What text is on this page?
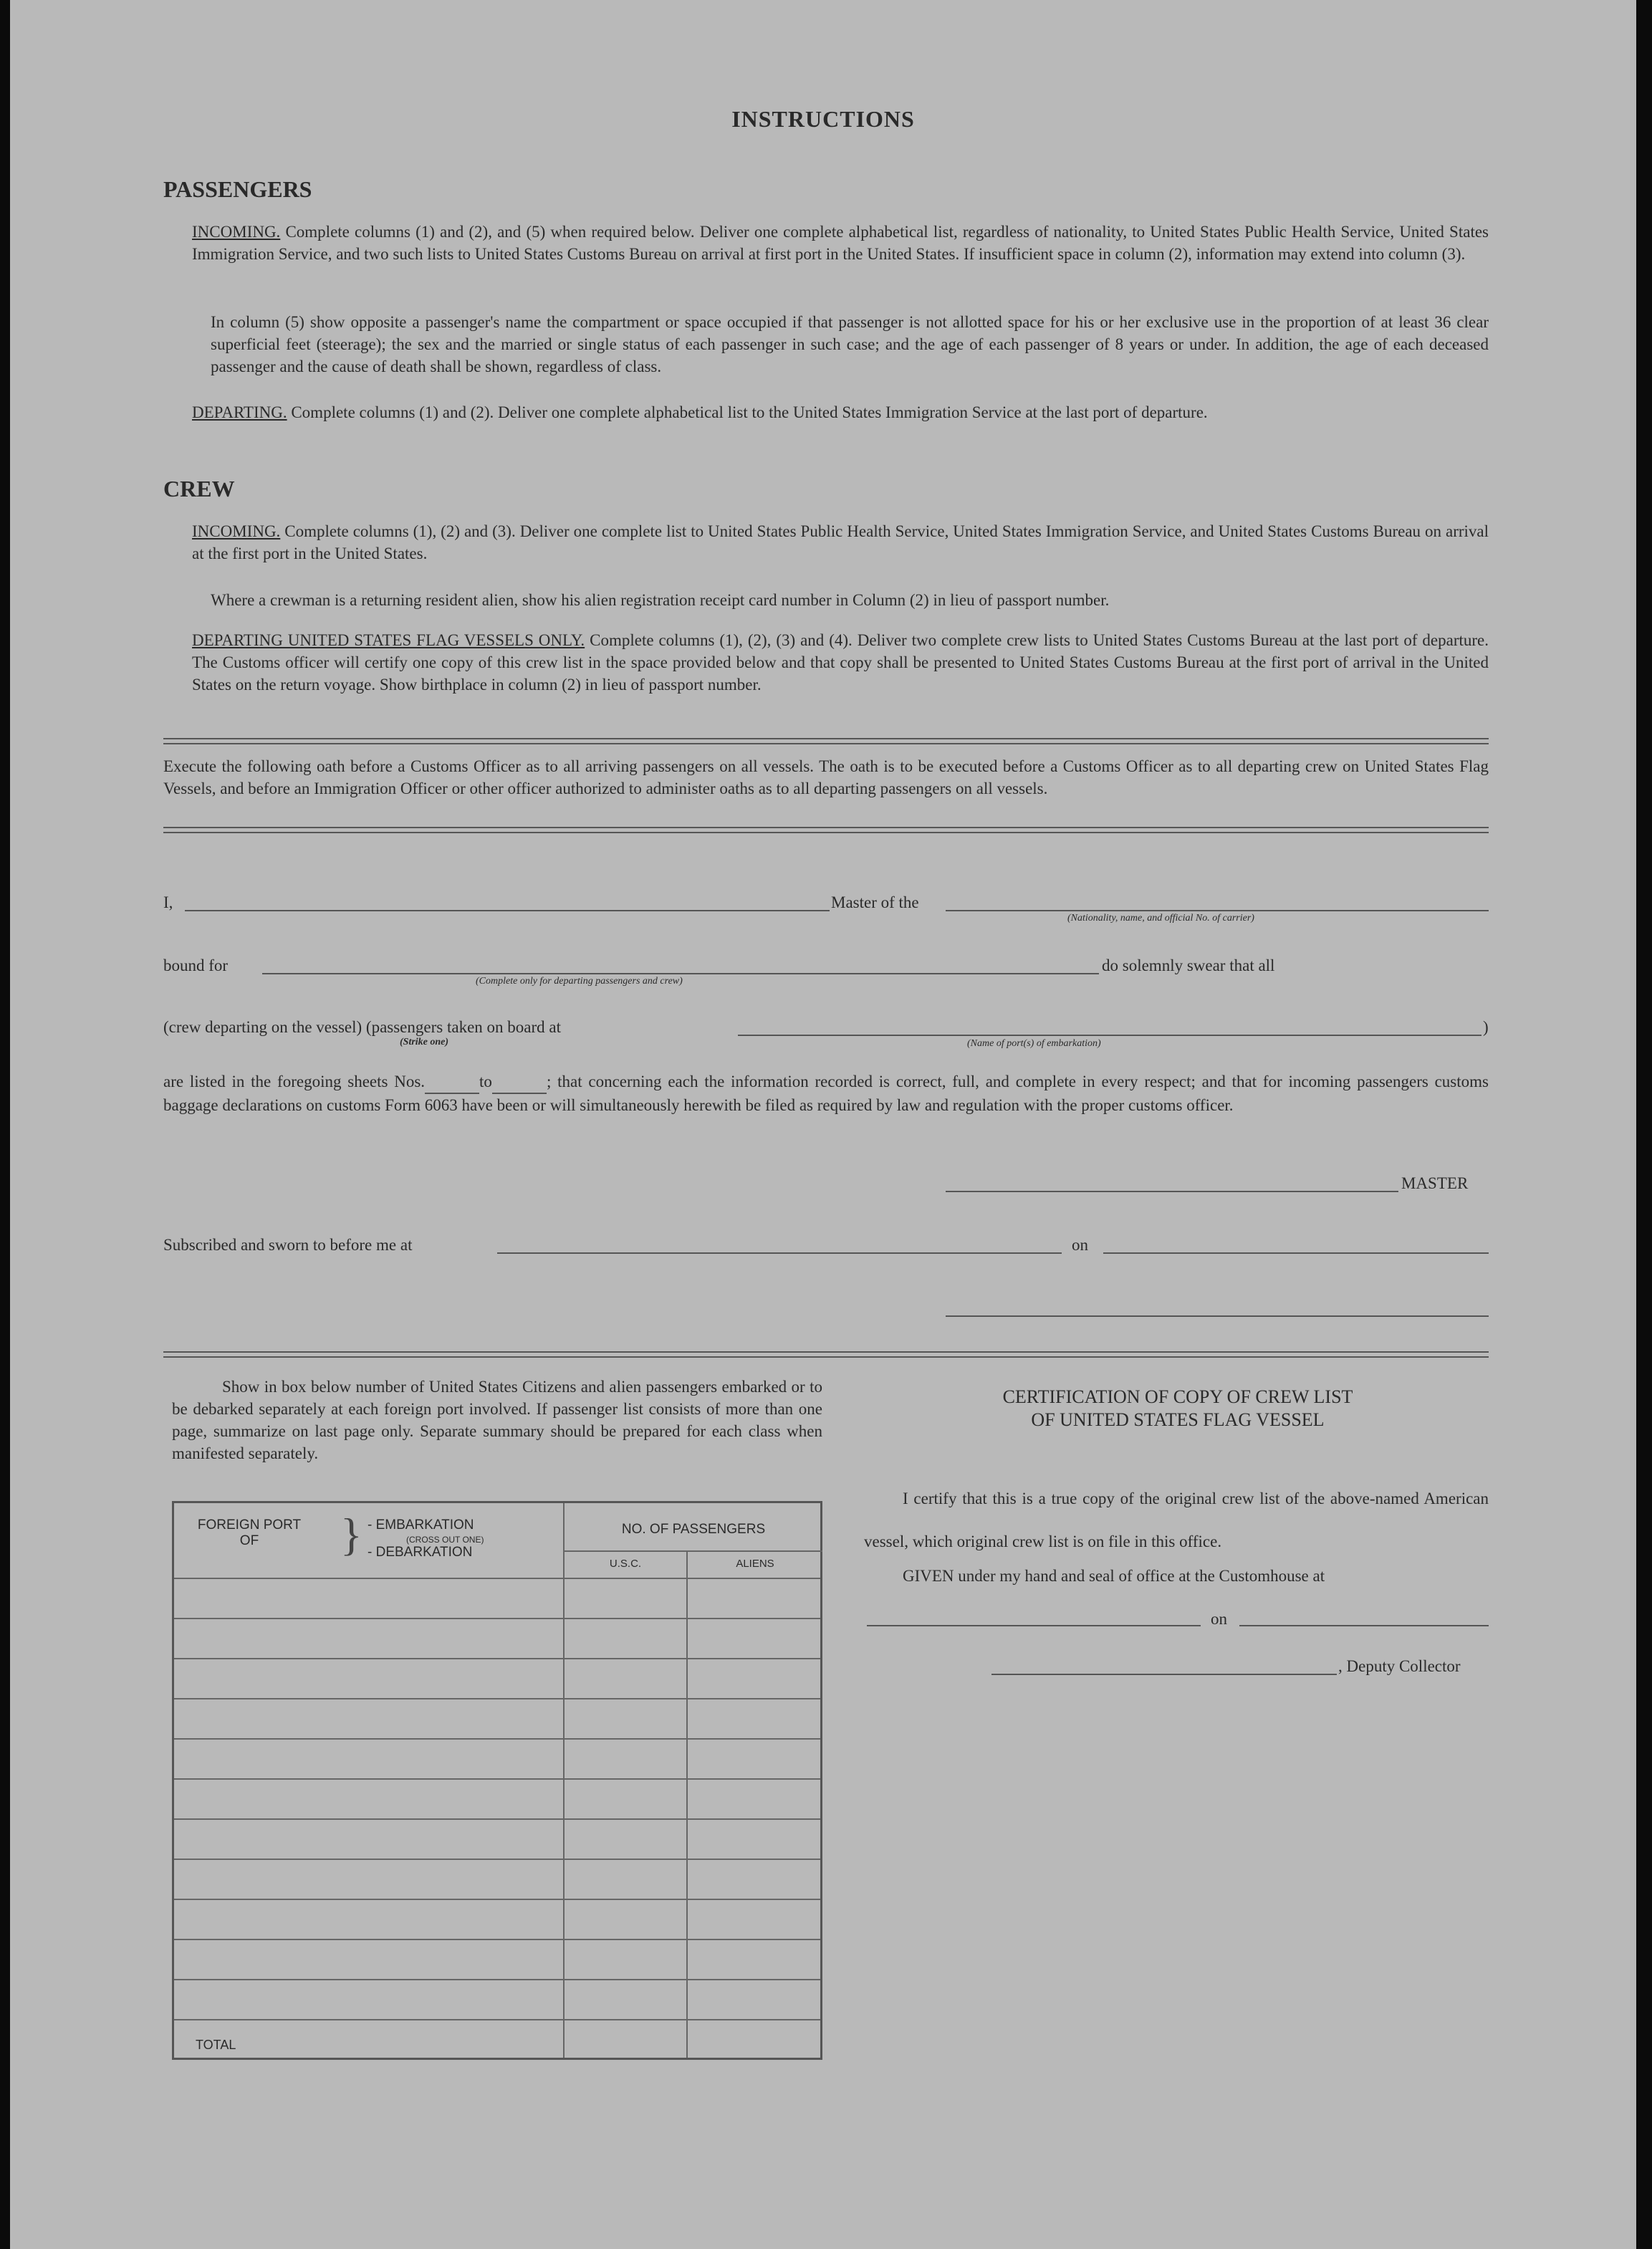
INSTRUCTIONS
PASSENGERS
INCOMING. Complete columns (1) and (2), and (5) when required below. Deliver one complete alphabetical list, regardless of nationality, to United States Public Health Service, United States Immigration Service, and two such lists to United States Customs Bureau on arrival at first port in the United States. If insufficient space in column (2), information may extend into column (3).
In column (5) show opposite a passenger's name the compartment or space occupied if that passenger is not allotted space for his or her exclusive use in the proportion of at least 36 clear superficial feet (steerage); the sex and the married or single status of each passenger in such case; and the age of each passenger of 8 years or under. In addition, the age of each deceased passenger and the cause of death shall be shown, regardless of class.
DEPARTING. Complete columns (1) and (2). Deliver one complete alphabetical list to the United States Immigration Service at the last port of departure.
CREW
INCOMING. Complete columns (1), (2) and (3). Deliver one complete list to United States Public Health Service, United States Immigration Service, and United States Customs Bureau on arrival at the first port in the United States.
Where a crewman is a returning resident alien, show his alien registration receipt card number in Column (2) in lieu of passport number.
DEPARTING UNITED STATES FLAG VESSELS ONLY. Complete columns (1), (2), (3) and (4). Deliver two complete crew lists to United States Customs Bureau at the last port of departure. The Customs officer will certify one copy of this crew list in the space provided below and that copy shall be presented to United States Customs Bureau at the first port of arrival in the United States on the return voyage. Show birthplace in column (2) in lieu of passport number.
Execute the following oath before a Customs Officer as to all arriving passengers on all vessels. The oath is to be executed before a Customs Officer as to all departing crew on United States Flag Vessels, and before an Immigration Officer or other officer authorized to administer oaths as to all departing passengers on all vessels.
I,	Master of the
(Nationality, name, and official No. of carrier)
bound for
(Complete only for departing passengers and crew)
do solemnly swear that all
(crew departing on the vessel) (passengers taken on board at
(Strike one)
)
(Name of port(s) of embarkation)
are listed in the foregoing sheets Nos.	to	; that concerning each the information recorded is correct, full, and complete in every respect; and that for incoming passengers customs baggage declarations on customs Form 6063 have been or will simultaneously herewith be filed as required by law and regulation with the proper customs officer.
MASTER
Subscribed and sworn to before me at	on
Show in box below number of United States Citizens and alien passengers embarked or to be debarked separately at each foreign port involved. If passenger list consists of more than one page, summarize on last page only. Separate summary should be prepared for each class when manifested separately.
FOREIGN PORT OF	} - EMBARKATION
(CROSS OUT ONE)
- DEBARKATION
NO. OF PASSENGERS
U.S.C.	ALIENS
TOTAL
CERTIFICATION OF COPY OF CREW LIST
OF UNITED STATES FLAG VESSEL
I certify that this is a true copy of the original crew list of the above-named American vessel, which original crew list is on file in this office.
GIVEN under my hand and seal of office at the Customhouse at
on
, Deputy Collector
